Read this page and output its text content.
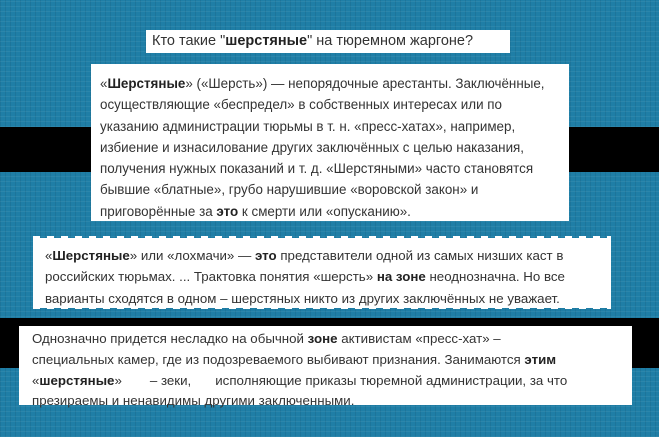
Кто такие "шерстяные" на тюремном жаргоне?
«Шерстяные» («Шерсть») — непорядочные арестанты. Заключённые,
осуществляющие «беспредел» в собственных интересах или по
указанию администрации тюрьмы в т. н. «пресс-хатах», например,
избиение и изнасилование других заключённых с целью наказания,
получения нужных показаний и т. д. «Шерстяными» часто становятся
бывшие «блатные», грубо нарушившие «воровской закон» и
приговорённые за это к смерти или «опусканию».
«Шерстяные» или «лохмачи» — это представители одной из самых низших каст в
российских тюрьмах. ... Трактовка понятия «шерсть» на зоне неоднозначна. Но все
варианты сходятся в одном – шерстяных никто из других заключённых не уважает.
Однозначно придется несладко на обычной зоне активистам «пресс-хат» –
специальных камер, где из подозреваемого выбивают признания. Занимаются этим
«шерстяные» – зеки, исполняющие приказы тюремной администрации, за что
презираемы и ненавидимы другими заключенными.
